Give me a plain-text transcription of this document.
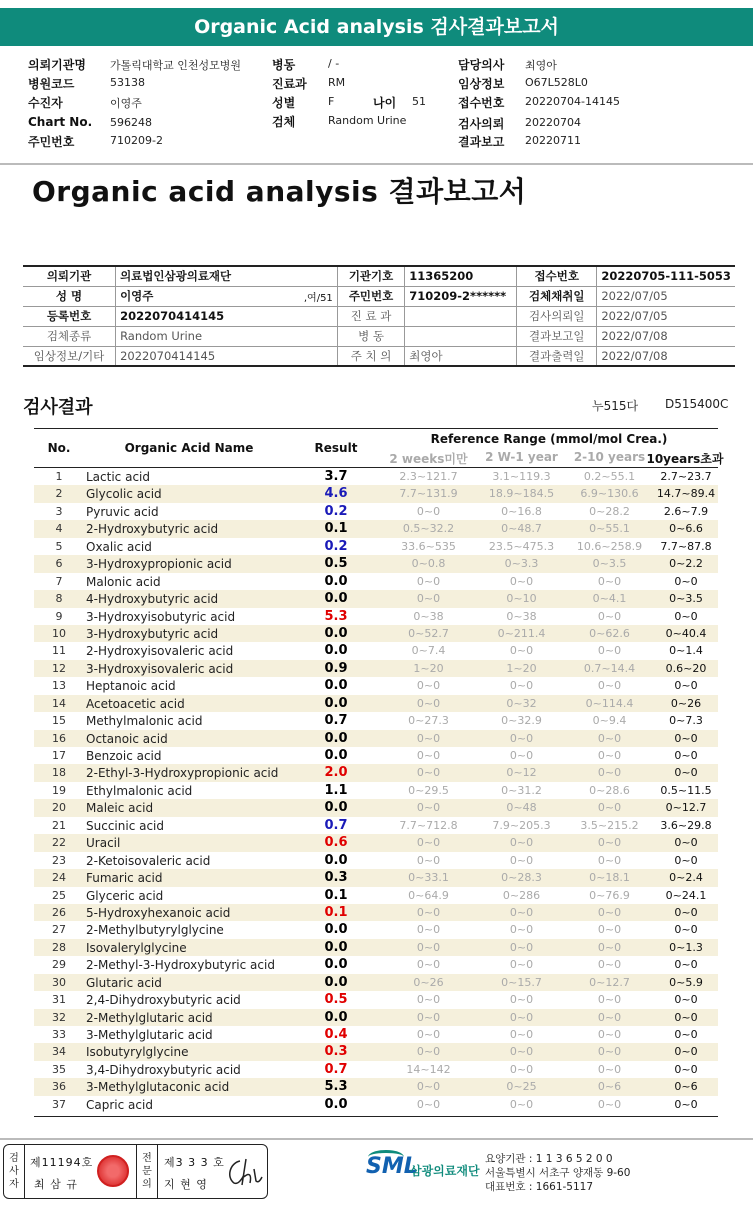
Organic Acid analysis 검사결과보고서
의뢰기관명 가톨릭대학교 인천성모병원
병원코드	53138
수진자	이영주
Chart No. 596248
주민번호	710209-2
병동	/ -
진료과 RM
성별	F	나이 51
검체	Random Urine
담당의사 최영아
임상정보 O67L528L0
접수번호 20220704-14145
검사의뢰 20220704
결과보고 20220711
Organic acid analysis 결과보고서
의뢰기관	의료법인삼광의료재단		기관기호	11365200	접수번호	20220705-111-5053
성 명	이영주	,여/51	주민번호	710209-2******	검체채취일	2022/07/05
등록번호	2022070414145		진 료 과		검사의뢰일	2022/07/05
검체종류	Random Urine		병 동		결과보고일	2022/07/08
임상정보/기타	2022070414145		주 치 의	최영아	결과출력일	2022/07/08
검사결과	누515다 D515400C
No.	Organic Acid Name	Result
Reference Range (mmol/mol Crea.)
2 weeks미만	2 W-1 year	2-10 years 10years초과
1	Lactic acid	3.7	2.3~121.7	3.1~119.3	0.2~55.1	2.7~23.7
2	Glycolic acid	4.6	7.7~131.9	18.9~184.5	6.9~130.6	14.7~89.4
3	Pyruvic acid	0.2	0~0	0~16.8	0~28.2	2.6~7.9
4	2-Hydroxybutyric acid	0.1	0.5~32.2	0~48.7	0~55.1	0~6.6
5	Oxalic acid	0.2	33.6~535	23.5~475.3	10.6~258.9	7.7~87.8
6	3-Hydroxypropionic acid	0.5	0~0.8	0~3.3	0~3.5	0~2.2
7	Malonic acid	0.0	0~0	0~0	0~0	0~0
8	4-Hydroxybutyric acid	0.0	0~0	0~10	0~4.1	0~3.5
9	3-Hydroxyisobutyric acid	5.3	0~38	0~38	0~0	0~0
10	3-Hydroxybutyric acid	0.0	0~52.7	0~211.4	0~62.6	0~40.4
11	2-Hydroxyisovaleric acid	0.0	0~7.4	0~0	0~0	0~1.4
12	3-Hydroxyisovaleric acid	0.9	1~20	1~20	0.7~14.4	0.6~20
13	Heptanoic acid	0.0	0~0	0~0	0~0	0~0
14	Acetoacetic acid	0.0	0~0	0~32	0~114.4	0~26
15	Methylmalonic acid	0.7	0~27.3	0~32.9	0~9.4	0~7.3
16	Octanoic acid	0.0	0~0	0~0	0~0	0~0
17	Benzoic acid	0.0	0~0	0~0	0~0	0~0
18	2-Ethyl-3-Hydroxypropionic acid	2.0	0~0	0~12	0~0	0~0
19	Ethylmalonic acid	1.1	0~29.5	0~31.2	0~28.6	0.5~11.5
20	Maleic acid	0.0	0~0	0~48	0~0	0~12.7
21	Succinic acid	0.7	7.7~712.8	7.9~205.3	3.5~215.2	3.6~29.8
22	Uracil	0.6	0~0	0~0	0~0	0~0
23	2-Ketoisovaleric acid	0.0	0~0	0~0	0~0	0~0
24	Fumaric acid	0.3	0~33.1	0~28.3	0~18.1	0~2.4
25	Glyceric acid	0.1	0~64.9	0~286	0~76.9	0~24.1
26	5-Hydroxyhexanoic acid	0.1	0~0	0~0	0~0	0~0
27	2-Methylbutyrylglycine	0.0	0~0	0~0	0~0	0~0
28	Isovalerylglycine	0.0	0~0	0~0	0~0	0~1.3
29	2-Methyl-3-Hydroxybutyric acid	0.0	0~0	0~0	0~0	0~0
30	Glutaric acid	0.0	0~26	0~15.7	0~12.7	0~5.9
31	2,4-Dihydroxybutyric acid	0.5	0~0	0~0	0~0	0~0
32	2-Methylglutaric acid	0.0	0~0	0~0	0~0	0~0
33	3-Methylglutaric acid	0.4	0~0	0~0	0~0	0~0
34	Isobutyrylglycine	0.3	0~0	0~0	0~0	0~0
35	3,4-Dihydroxybutyric acid	0.7	14~142	0~0	0~0	0~0
36	3-Methylglutaconic acid	5.3	0~0	0~25	0~6	0~6
37	Capric acid	0.0	0~0	0~0	0~0	0~0
검
사
자
제11194호
최 삼 규
전
문
의
제3 3 3 호
지 현 영
SML
삼광의료재단
요양기관 : 1 1 3 6 5 2 0 0
서울특별시 서초구 양재동 9-60
대표번호 : 1661-5117
